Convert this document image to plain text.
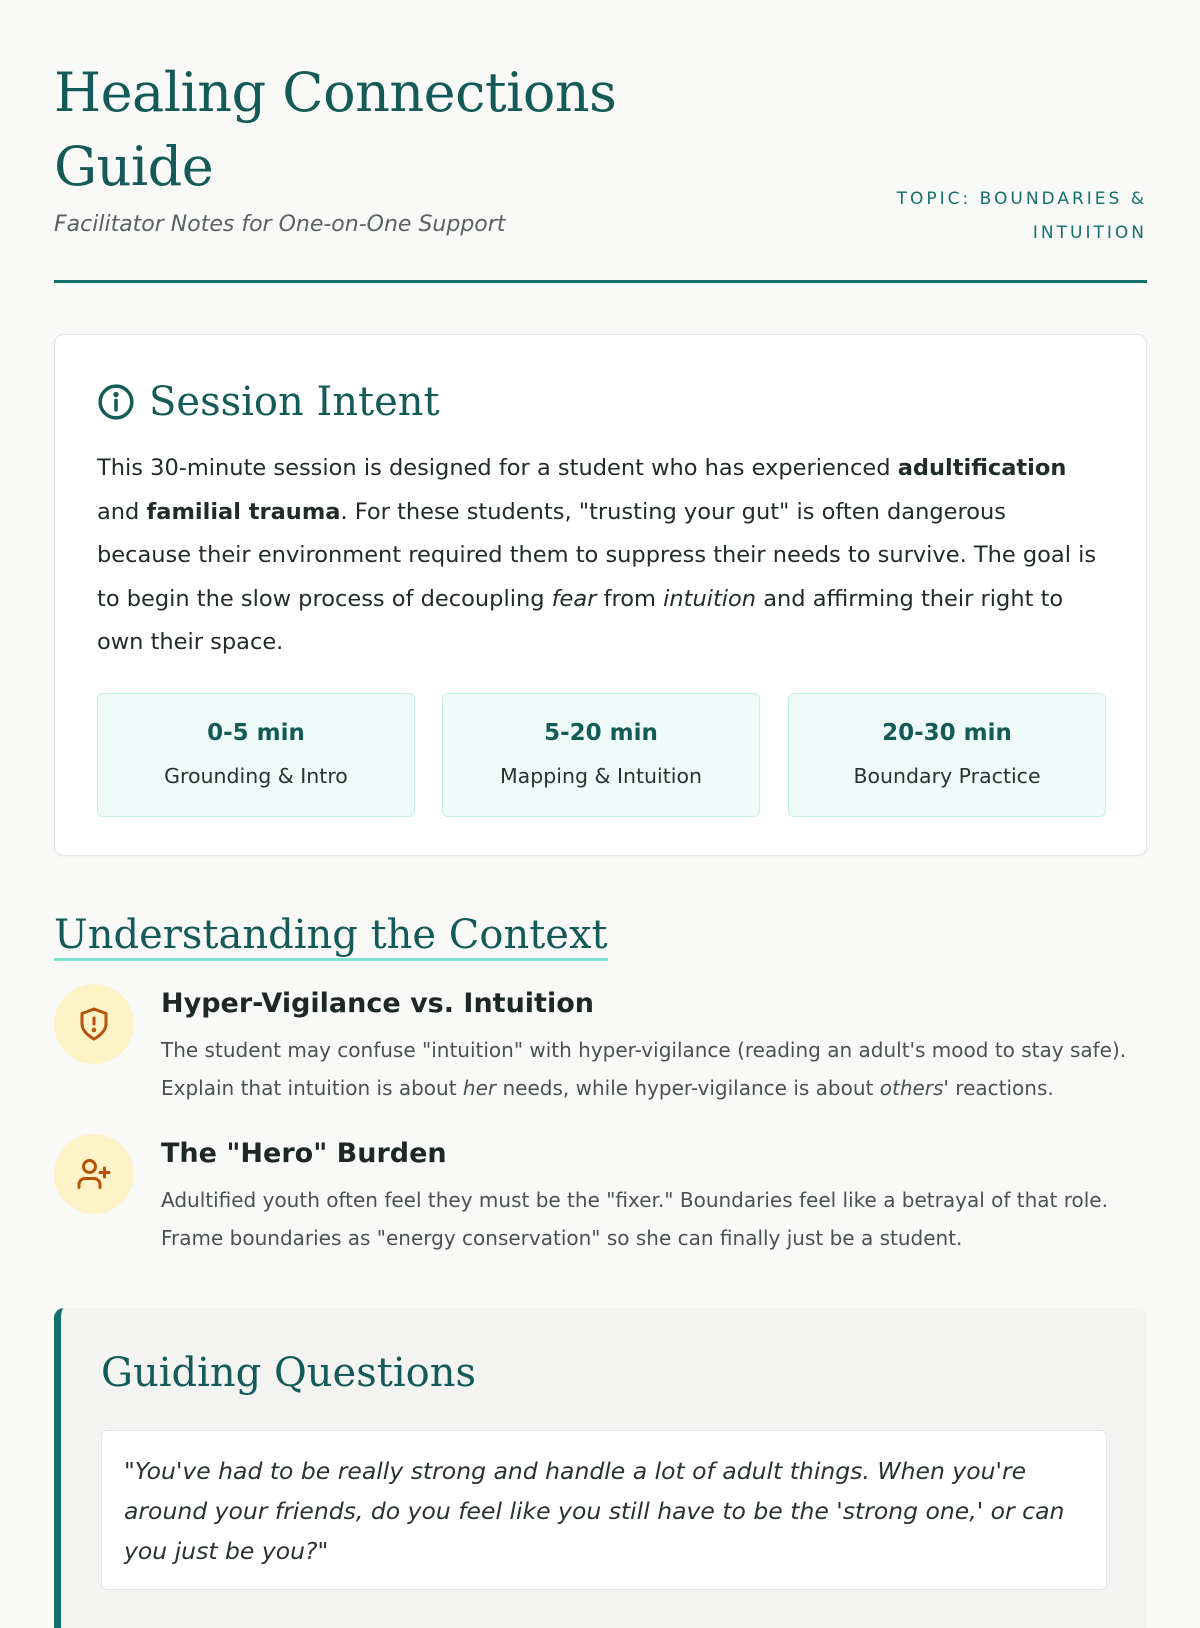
Healing Connections Guide
Facilitator Notes for One-on-One Support
TOPIC: BOUNDARIES & INTUITION
Session Intent

This 30-minute session is designed for a student who has experienced adultification and familial trauma. For these students, "trusting your gut" is often dangerous because their environment required them to suppress their needs to survive. The goal is to begin the slow process of decoupling fear from intuition and affirming their right to own their space.

0-5 min
Grounding & Intro
5-20 min
Mapping & Intuition
20-30 min
Boundary Practice
Understanding the Context
Hyper-Vigilance vs. Intuition

The student may confuse "intuition" with hyper-vigilance (reading an adult's mood to stay safe). Explain that intuition is about her needs, while hyper-vigilance is about others' reactions.

The "Hero" Burden

Adultified youth often feel they must be the "fixer." Boundaries feel like a betrayal of that role. Frame boundaries as "energy conservation" so she can finally just be a student.

Guiding Questions

"You've had to be really strong and handle a lot of adult things. When you're around your friends, do you feel like you still have to be the 'strong one,' or can you just be you?"
